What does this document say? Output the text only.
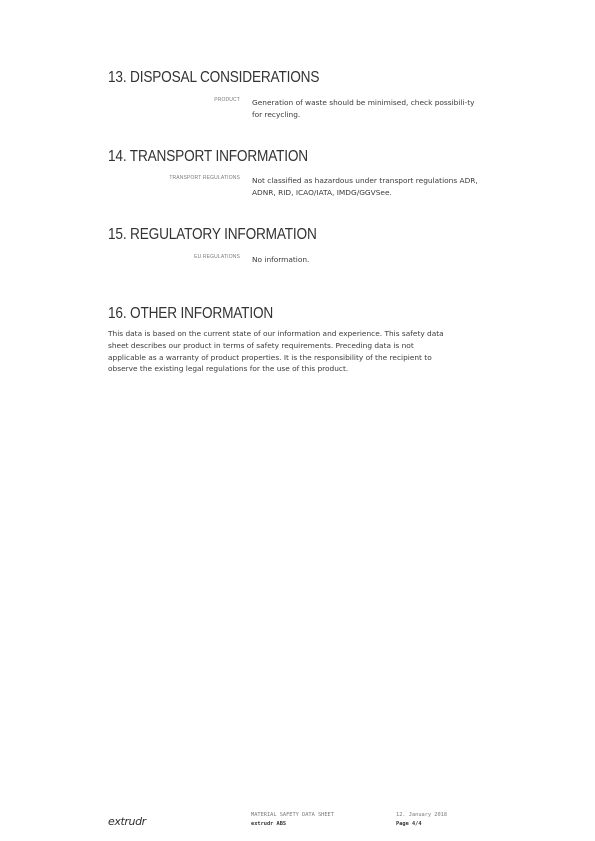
13. DISPOSAL CONSIDERATIONS
PRODUCT Generation of waste should be minimised, check possibili-ty for recycling.
14. TRANSPORT INFORMATION
TRANSPORT REGULATIONS Not classified as hazardous under transport regulations ADR, ADNR, RID, ICAO/IATA, IMDG/GGVSee.
15. REGULATORY INFORMATION
EU REGULATIONS No information.
16. OTHER INFORMATION

This data is based on the current state of our information and experience. This safety data sheet describes our product in terms of safety requirements. Preceding data is not applicable as a warranty of product properties. It is the responsibility of the recipient to observe the existing legal regulations for the use of this product.

extrudr	MATERIAL SAFETY DATA SHEET
extrudr ABS
12. January 2018
Page 4/4
